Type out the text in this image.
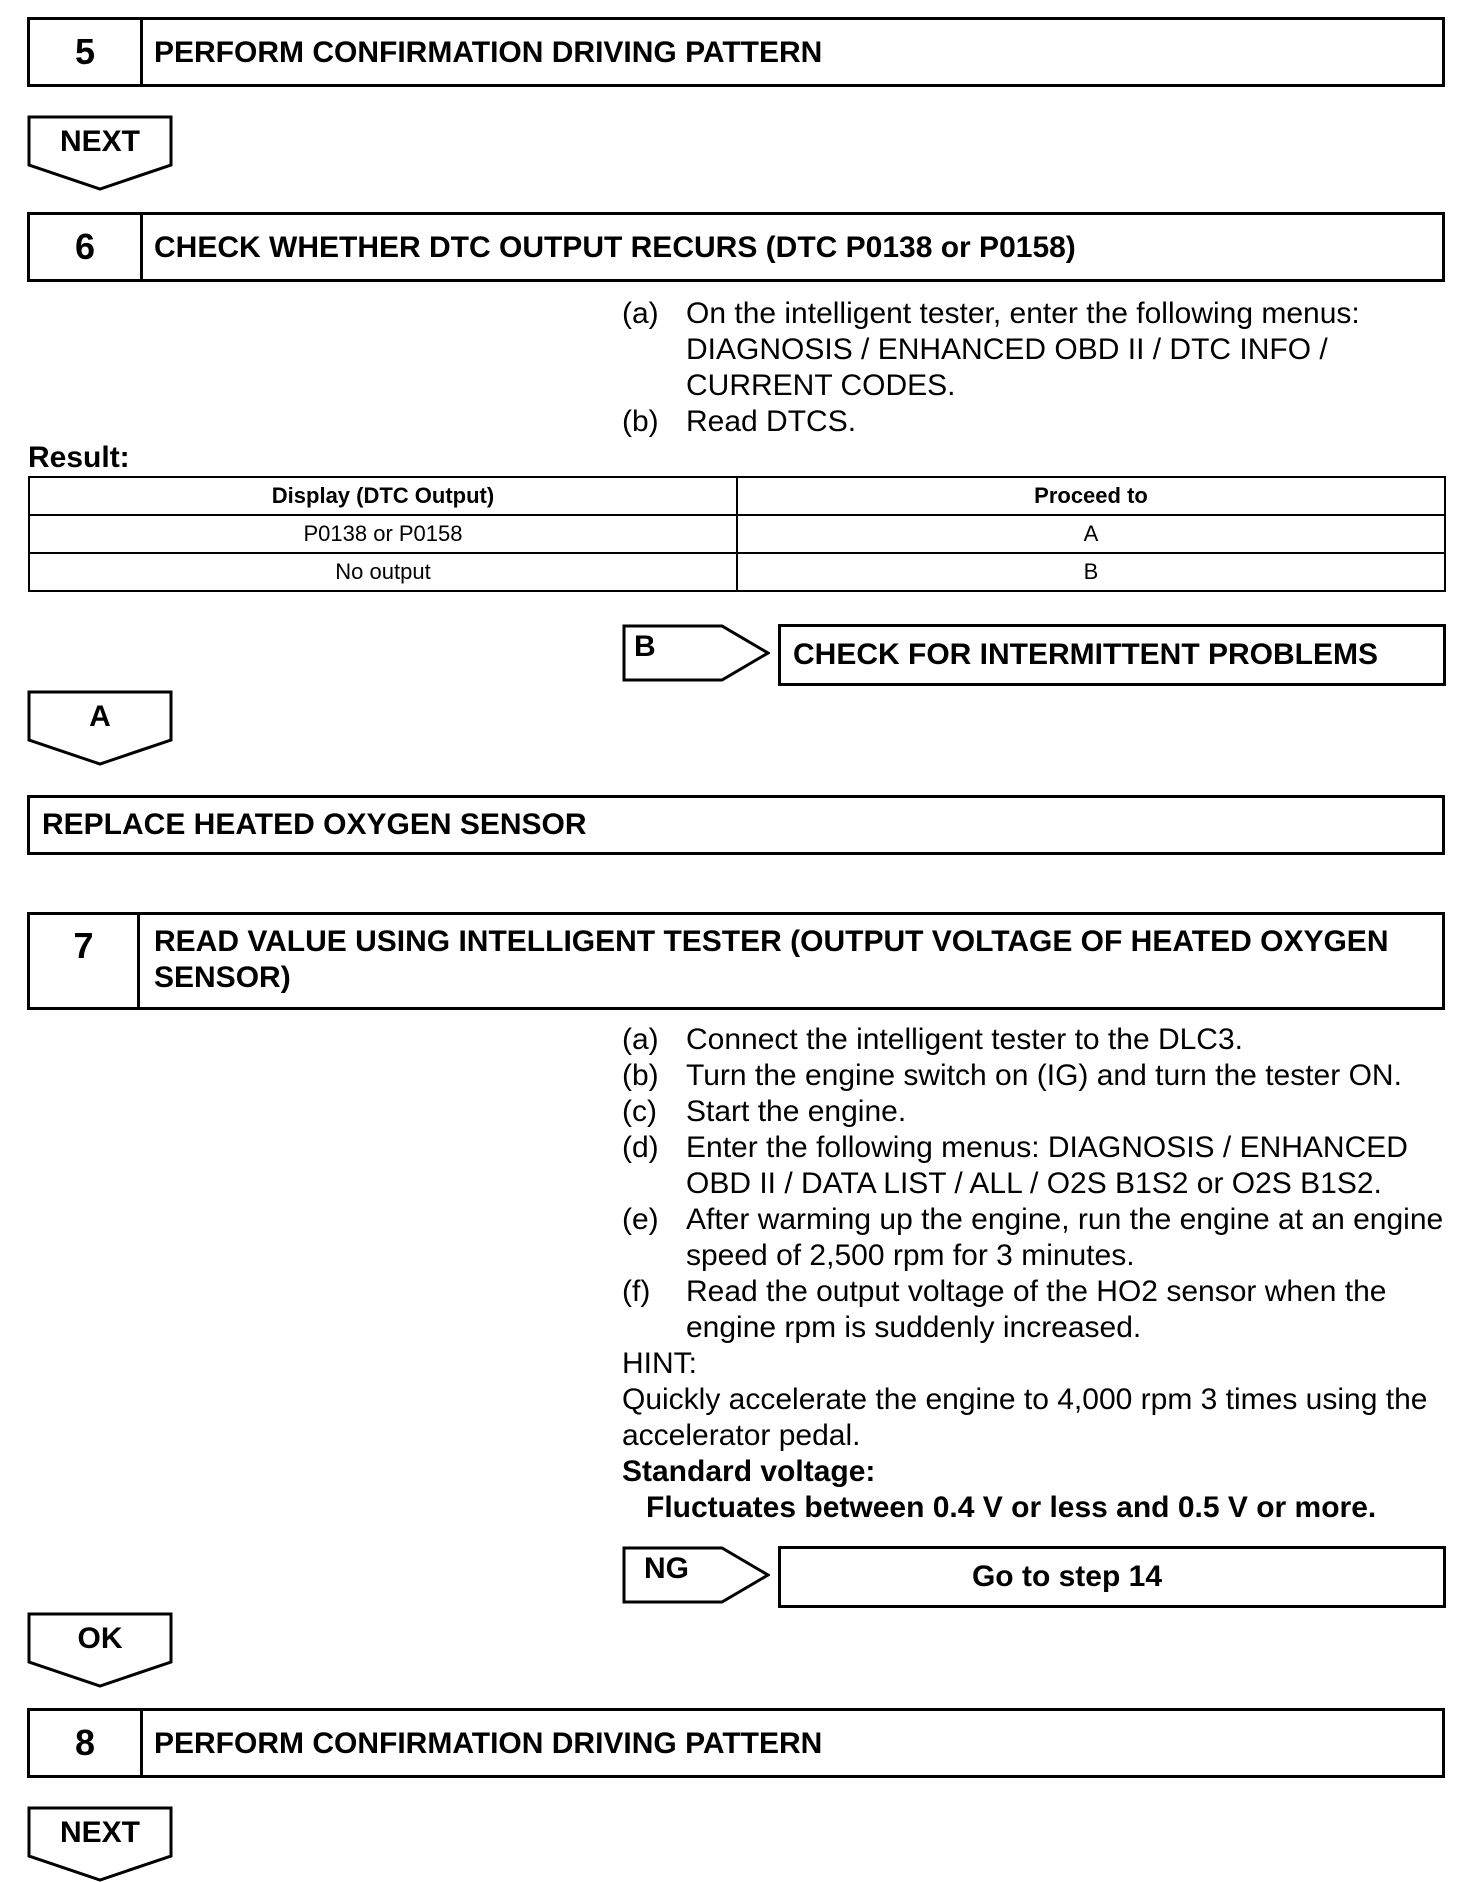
5	PERFORM CONFIRMATION DRIVING PATTERN
NEXT
6	CHECK WHETHER DTC OUTPUT RECURS (DTC P0138 or P0158)
(a) On the intelligent tester, enter the following menus:
DIAGNOSIS / ENHANCED OBD II / DTC INFO /
CURRENT CODES.
(b) Read DTCS.
Result:
Display (DTC Output)	Proceed to
P0138 or P0158	A
No output	B
B	CHECK FOR INTERMITTENT PROBLEMS
A
REPLACE HEATED OXYGEN SENSOR
7	READ VALUE USING INTELLIGENT TESTER (OUTPUT VOLTAGE OF HEATED OXYGEN
SENSOR)
(a) Connect the intelligent tester to the DLC3.
(b) Turn the engine switch on (IG) and turn the tester ON.
(c) Start the engine.
(d) Enter the following menus: DIAGNOSIS / ENHANCED
OBD II / DATA LIST / ALL / O2S B1S2 or O2S B1S2.
(e) After warming up the engine, run the engine at an engine
speed of 2,500 rpm for 3 minutes.
(f) Read the output voltage of the HO2 sensor when the
engine rpm is suddenly increased.
HINT:
Quickly accelerate the engine to 4,000 rpm 3 times using the
accelerator pedal.
Standard voltage:
Fluctuates between 0.4 V or less and 0.5 V or more.
NG	Go to step 14
OK
8	PERFORM CONFIRMATION DRIVING PATTERN
NEXT
